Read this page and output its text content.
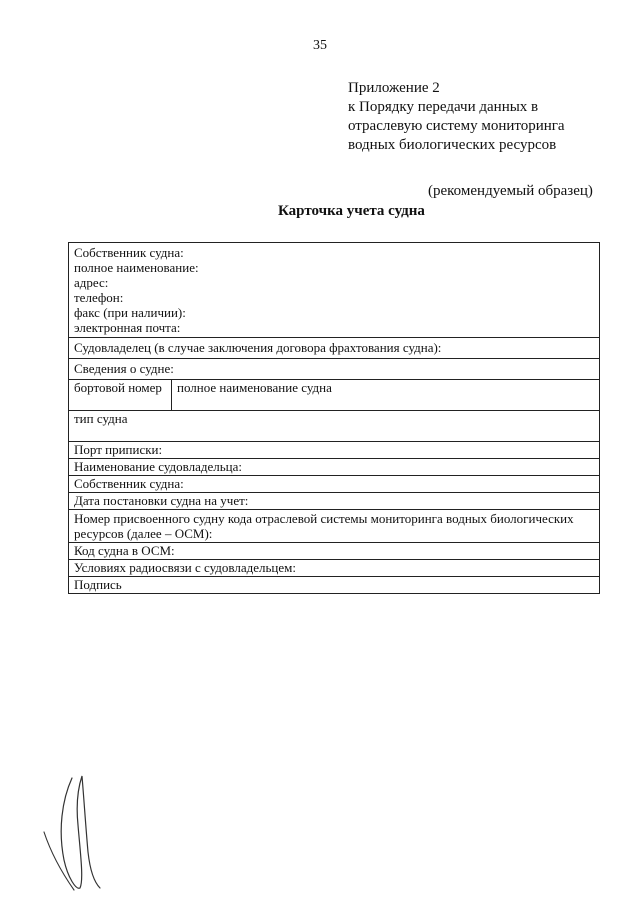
35
Приложение 2
к Порядку передачи данных в
отраслевую систему мониторинга
водных биологических ресурсов
(рекомендуемый образец)
Карточка учета судна
Собственник судна:
полное наименование:
адрес:
телефон:
факс (при наличии):
электронная почта:
Судовладелец (в случае заключения договора фрахтования судна):
Сведения о судне:
бортовой номер	полное наименование судна
тип судна
Порт приписки:
Наименование судовладельца:
Собственник судна:
Дата постановки судна на учет:
Номер присвоенного судну кода отраслевой системы мониторинга водных биологических
ресурсов (далее – ОСМ):
Код судна в ОСМ:
Условиях радиосвязи с судовладельцем:
Подпись
